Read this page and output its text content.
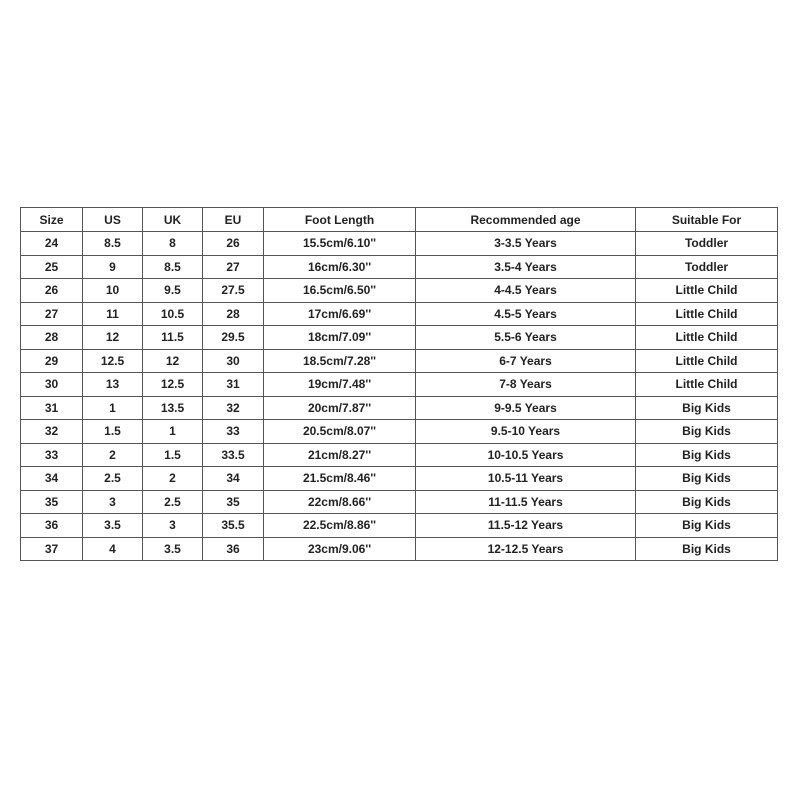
Size	US	UK	EU	Foot Length	Recommended age	Suitable For
24	8.5	8	26	15.5cm/6.10''	3-3.5 Years	Toddler
25	9	8.5	27	16cm/6.30''	3.5-4 Years	Toddler
26	10	9.5	27.5	16.5cm/6.50''	4-4.5 Years	Little Child
27	11	10.5	28	17cm/6.69''	4.5-5 Years	Little Child
28	12	11.5	29.5	18cm/7.09''	5.5-6 Years	Little Child
29	12.5	12	30	18.5cm/7.28''	6-7 Years	Little Child
30	13	12.5	31	19cm/7.48''	7-8 Years	Little Child
31	1	13.5	32	20cm/7.87''	9-9.5 Years	Big Kids
32	1.5	1	33	20.5cm/8.07''	9.5-10 Years	Big Kids
33	2	1.5	33.5	21cm/8.27''	10-10.5 Years	Big Kids
34	2.5	2	34	21.5cm/8.46''	10.5-11 Years	Big Kids
35	3	2.5	35	22cm/8.66''	11-11.5 Years	Big Kids
36	3.5	3	35.5	22.5cm/8.86''	11.5-12 Years	Big Kids
37	4	3.5	36	23cm/9.06''	12-12.5 Years	Big Kids
